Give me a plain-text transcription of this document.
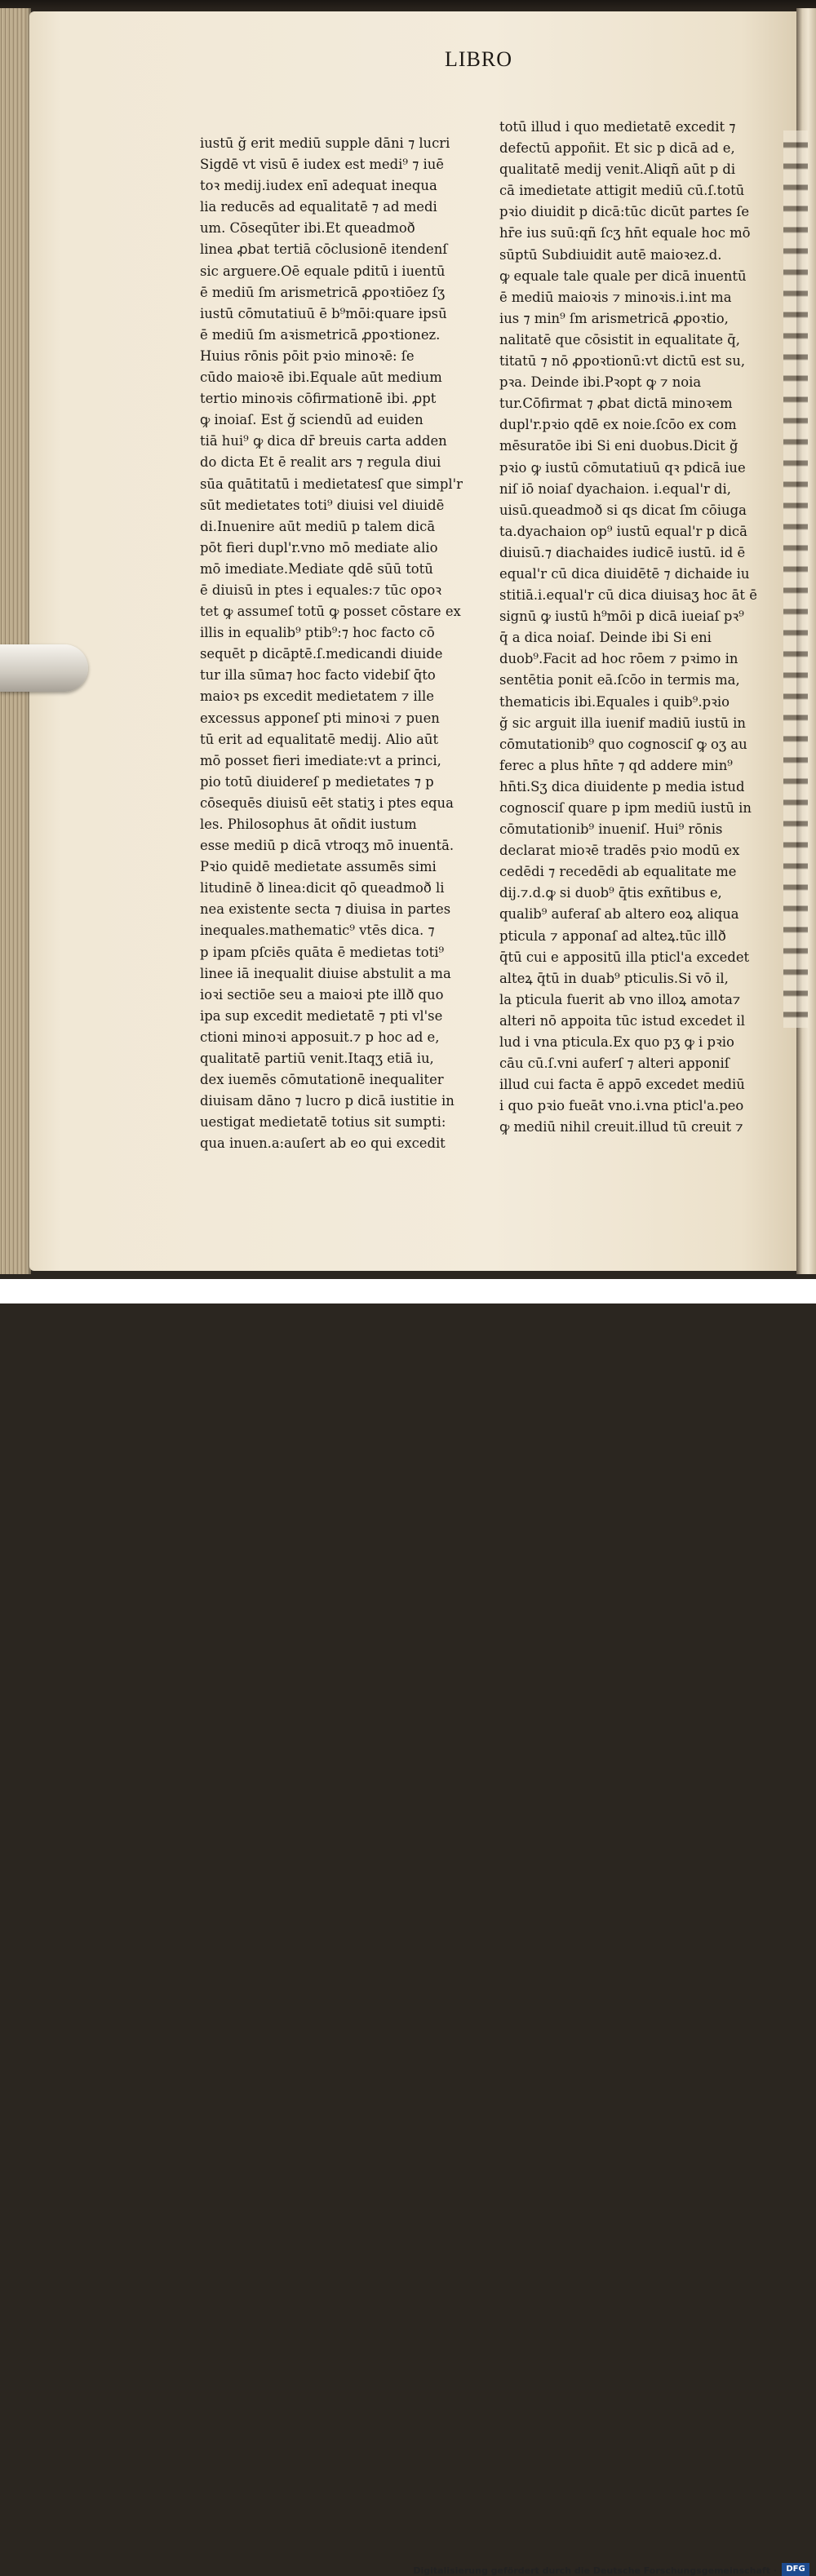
LIBRO
iustū ğ erit mediū supple dāni ⁊ lucri
Sigdē vt visū ē iudex est medi⁹ ⁊ iuē
toꝛ medij.iudex enī adequat inequa
lia reducēs ad equalitatē ⁊ ad medi
um. Cōseqūter ibi.Et queadmoð
linea ꝓbat tertiā cōclusionē itendenſ
sic arguere.Oē equale pditū i iuentū
ē mediū ſm arismetricā ꝓpoꝛtiōez ſʒ
iustū cōmutatiuū ē b⁹mōi:quare ipsū
ē mediū ſm aꝛismetricā ꝓpoꝛtionez.
Huius rōnis pōit pꝛio minoꝛē: ſe
cūdo maioꝛē ibi.Equale aūt medium
tertio minoꝛis cōfirmationē ibi. ꝓpt
ꝙ inoiaſ. Est ğ sciendū ad euiden
tiā hui⁹ ꝙ dica dr̄ breuis carta adden
do dicta Et ē realit ars ⁊ regula diui
sūa quātitatū i medietatesſ que simpl'r
sūt medietates toti⁹ diuisi vel diuidē
di.Inuenire aūt mediū p talem dicā
pōt fieri dupl'r.vno mō mediate alio
mō imediate.Mediate qdē sūū totū
ē diuisū in ptes i equales:⁊ tūc opoꝛ
tet ꝙ assumeſ totū ꝙ posset cōstare ex
illis in equalib⁹ ptib⁹:⁊ hoc facto cō
sequēt p dicāptē.ſ.medicandi diuide
tur illa sūma⁊ hoc facto videbiſ q̄to
maioꝛ ps excedit medietatem ⁊ ille
excessus apponeſ pti minoꝛi ⁊ puen
tū erit ad equalitatē medij. Alio aūt
mō posset fieri imediate:vt a princi,
pio totū diuidereſ p medietates ⁊ p
cōsequēs diuisū eēt statiʒ i ptes equa
les. Philosophus āt oñdit iustum
esse mediū p dicā vtroqʒ mō inuentā.
Pꝛio quidē medietate assumēs simi
litudinē ð linea:dicit qō queadmoð li
nea existente secta ⁊ diuisa in partes
inequales.mathematic⁹ vtēs dica. ⁊
p ipam pſciēs quāta ē medietas toti⁹
linee iā inequalit diuise abstulit a ma
ioꝛi sectiōe seu a maioꝛi pte illð quo
ipa sup excedit medietatē ⁊ pti vl'se
ctioni minoꝛi apposuit.⁊ p hoc ad e,
qualitatē partiū venit.Itaqʒ etiā iu,
dex iuemēs cōmutationē inequaliter
diuisam dāno ⁊ lucro p dicā iustitie in
uestigat medietatē totius sit sumpti:
qua inuen.a:auſert ab eo qui excedit
totū illud i quo medietatē excedit ⁊
defectū appoñit. Et sic p dicā ad e,
qualitatē medij venit.Aliqñ aūt p di
cā imedietate attigit mediū cū.ſ.totū
pꝛio diuidit p dicā:tūc dicūt partes ſe
hr̄e ius suū:qñ ſcʒ hn̄t equale hoc mō
sūptū Subdiuidit autē maioꝛez.d.
ꝙ equale tale quale per dicā inuentū
ē mediū maioꝛis ⁊ minoꝛis.i.int ma
ius ⁊ min⁹ ſm arismetricā ꝓpoꝛtio,
nalitatē que cōsistit in equalitate q̄,
titatū ⁊ nō ꝓpoꝛtionū:vt dictū est su,
pꝛa. Deinde ibi.Pꝛopt ꝙ ⁊ noia
tur.Cōfirmat ⁊ ꝓbat dictā minoꝛem
dupl'r.pꝛio qdē ex noie.ſcōo ex com
mēsuratōe ibi Si eni duobus.Dicit ğ
pꝛio ꝙ iustū cōmutatiuū qꝛ pdicā iue
niſ iō noiaſ dyachaion. i.equal'r di,
uisū.queadmoð si qs dicat ſm cōiuga
ta.dyachaion op⁹ iustū equal'r p dicā
diuisū.⁊ diachaides iudicē iustū. id ē
equal'r cū dica diuidētē ⁊ dichaide iu
stitiā.i.equal'r cū dica diuisaʒ hoc āt ē
signū ꝙ iustū h⁹mōi p dicā iueiaſ pꝛ⁹
q̄ a dica noiaſ. Deinde ibi Si eni
duob⁹.Facit ad hoc rōem ⁊ pꝛimo in
sentētia ponit eā.ſcōo in termis ma,
thematicis ibi.Equales i quib⁹.pꝛio
ğ sic arguit illa iuenif madiū iustū in
cōmutationib⁹ quo cognosciſ ꝙ oʒ au
ferec a plus hn̄te ⁊ qd addere min⁹
hn̄ti.Sʒ dica diuidente p media istud
cognosciſ quare p ipm mediū iustū in
cōmutationib⁹ inueniſ. Hui⁹ rōnis
declarat mioꝛē tradēs pꝛio modū ex
cedēdi ⁊ recedēdi ab equalitate me
dij.⁊.d.ꝙ si duob⁹ q̄tis exñtibus e,
qualib⁹ auferaſ ab altero eoꝝ aliqua
pticula ⁊ apponaſ ad alteꝝ.tūc illð
q̄tū cui e appositū illa pticl'a excedet
alteꝝ q̄tū in duab⁹ pticulis.Si vō il,
la pticula fuerit ab vno illoꝝ amota⁊
alteri nō appoita tūc istud excedet il
lud i vna pticula.Ex quo pʒ ꝙ i pꝛio
cāu cū.ſ.vni auferſ ⁊ alteri apponiſ
illud cui facta ē appō excedet mediū
i quo pꝛio fueāt vno.i.vna pticl'a.peo
ꝙ mediū nihil creuit.illud tū creuit ⁊
Digitalisierung gefördert durch die Deutsche Forschungsgemeinschaft ·	DFG
